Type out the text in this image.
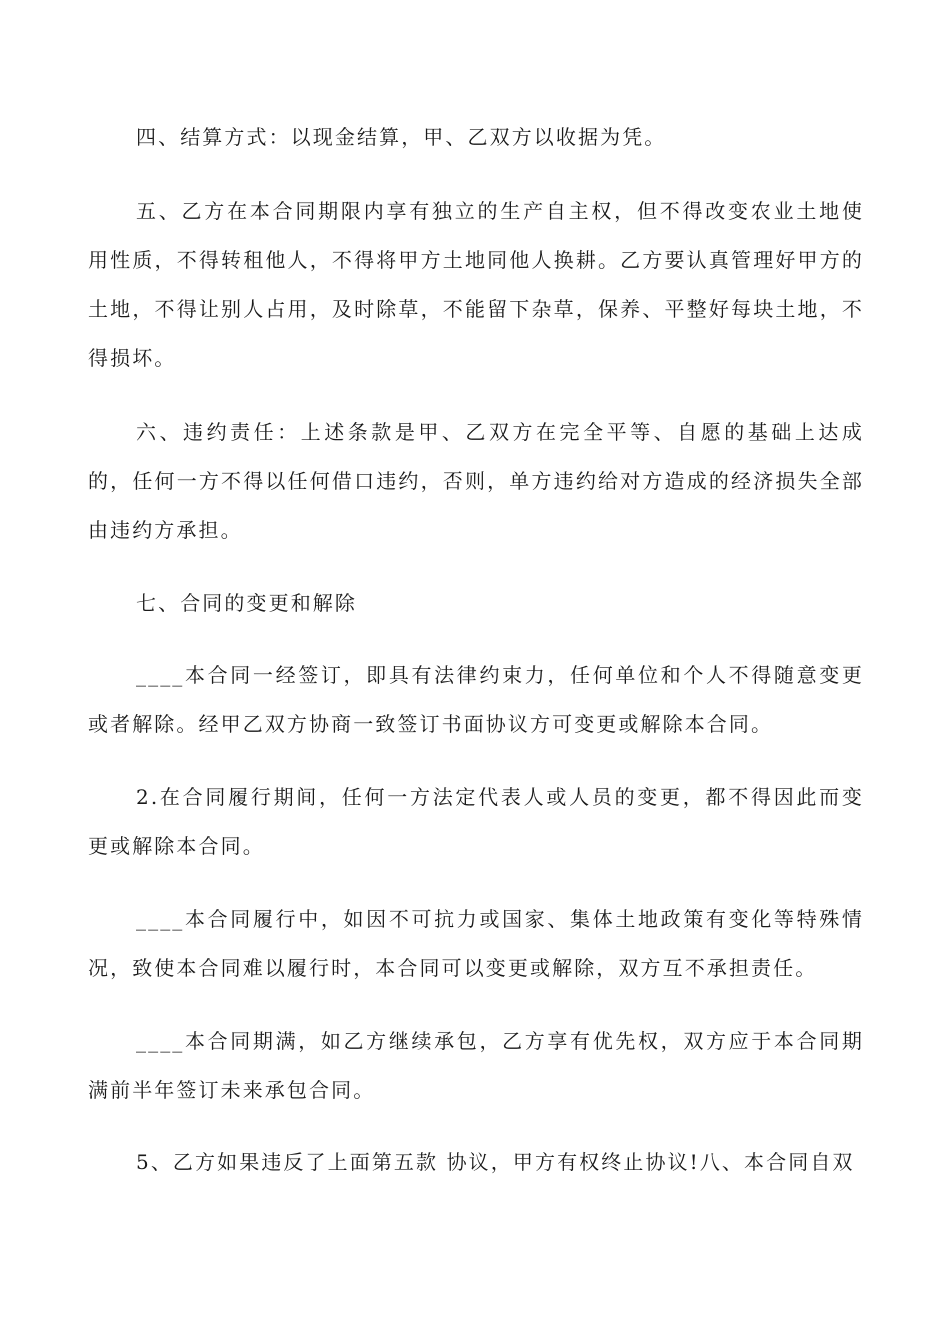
四、结算方式：以现金结算，甲、乙双方以收据为凭。

五、乙方在本合同期限内享有独立的生产自主权，但不得改变农业土地使用性质，不得转租他人，不得将甲方土地同他人换耕。乙方要认真管理好甲方的土地，不得让别人占用，及时除草，不能留下杂草，保养、平整好每块土地，不得损坏。

六、违约责任：上述条款是甲、乙双方在完全平等、自愿的基础上达成的，任何一方不得以任何借口违约，否则，单方违约给对方造成的经济损失全部由违约方承担。

七、合同的变更和解除

____本合同一经签订，即具有法律约束力，任何单位和个人不得随意变更或者解除。经甲乙双方协商一致签订书面协议方可变更或解除本合同。

2.在合同履行期间，任何一方法定代表人或人员的变更，都不得因此而变更或解除本合同。

____本合同履行中，如因不可抗力或国家、集体土地政策有变化等特殊情况，致使本合同难以履行时，本合同可以变更或解除，双方互不承担责任。

____本合同期满，如乙方继续承包，乙方享有优先权，双方应于本合同期满前半年签订未来承包合同。

5、乙方如果违反了上面第五款 协议，甲方有权终止协议!八、本合同自双
